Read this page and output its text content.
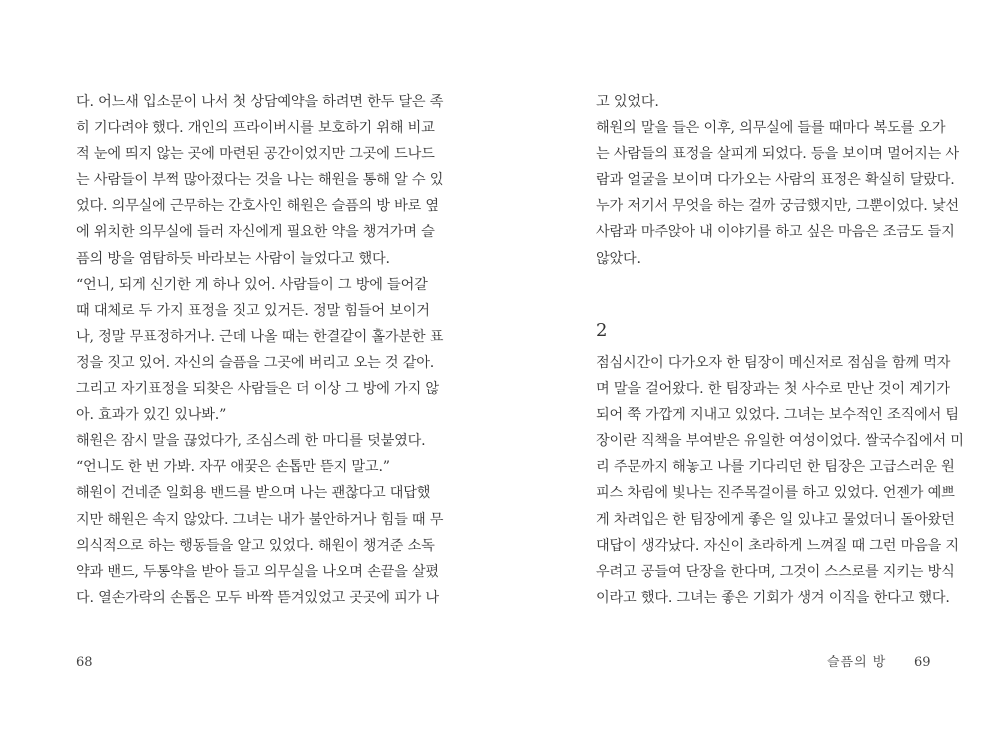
다. 어느새 입소문이 나서 첫 상담예약을 하려면 한두 달은 족
히 기다려야 했다. 개인의 프라이버시를 보호하기 위해 비교
적 눈에 띄지 않는 곳에 마련된 공간이었지만 그곳에 드나드
는 사람들이 부쩍 많아졌다는 것을 나는 해원을 통해 알 수 있
었다. 의무실에 근무하는 간호사인 해원은 슬픔의 방 바로 옆
에 위치한 의무실에 들러 자신에게 필요한 약을 챙겨가며 슬
픔의 방을 염탐하듯 바라보는 사람이 늘었다고 했다.
“언니, 되게 신기한 게 하나 있어. 사람들이 그 방에 들어갈
때 대체로 두 가지 표정을 짓고 있거든. 정말 힘들어 보이거
나, 정말 무표정하거나. 근데 나올 때는 한결같이 홀가분한 표
정을 짓고 있어. 자신의 슬픔을 그곳에 버리고 오는 것 같아.
그리고 자기표정을 되찾은 사람들은 더 이상 그 방에 가지 않
아. 효과가 있긴 있나봐.”
해원은 잠시 말을 끊었다가, 조심스레 한 마디를 덧붙였다.
“언니도 한 번 가봐. 자꾸 애꿎은 손톱만 뜯지 말고.”
해원이 건네준 일회용 밴드를 받으며 나는 괜찮다고 대답했
지만 해원은 속지 않았다. 그녀는 내가 불안하거나 힘들 때 무
의식적으로 하는 행동들을 알고 있었다. 해원이 챙겨준 소독
약과 밴드, 두통약을 받아 들고 의무실을 나오며 손끝을 살폈
다. 열손가락의 손톱은 모두 바짝 뜯겨있었고 곳곳에 피가 나
68
고 있었다.
해원의 말을 들은 이후, 의무실에 들를 때마다 복도를 오가
는 사람들의 표정을 살피게 되었다. 등을 보이며 멀어지는 사
람과 얼굴을 보이며 다가오는 사람의 표정은 확실히 달랐다.
누가 저기서 무엇을 하는 걸까 궁금했지만, 그뿐이었다. 낯선
사람과 마주앉아 내 이야기를 하고 싶은 마음은 조금도 들지
않았다.
2
점심시간이 다가오자 한 팀장이 메신저로 점심을 함께 먹자
며 말을 걸어왔다. 한 팀장과는 첫 사수로 만난 것이 계기가
되어 쭉 가깝게 지내고 있었다. 그녀는 보수적인 조직에서 팀
장이란 직책을 부여받은 유일한 여성이었다. 쌀국수집에서 미
리 주문까지 해놓고 나를 기다리던 한 팀장은 고급스러운 원
피스 차림에 빛나는 진주목걸이를 하고 있었다. 언젠가 예쁘
게 차려입은 한 팀장에게 좋은 일 있냐고 물었더니 돌아왔던
대답이 생각났다. 자신이 초라하게 느껴질 때 그런 마음을 지
우려고 공들여 단장을 한다며, 그것이 스스로를 지키는 방식
이라고 했다. 그녀는 좋은 기회가 생겨 이직을 한다고 했다.
슬픔의 방 69
